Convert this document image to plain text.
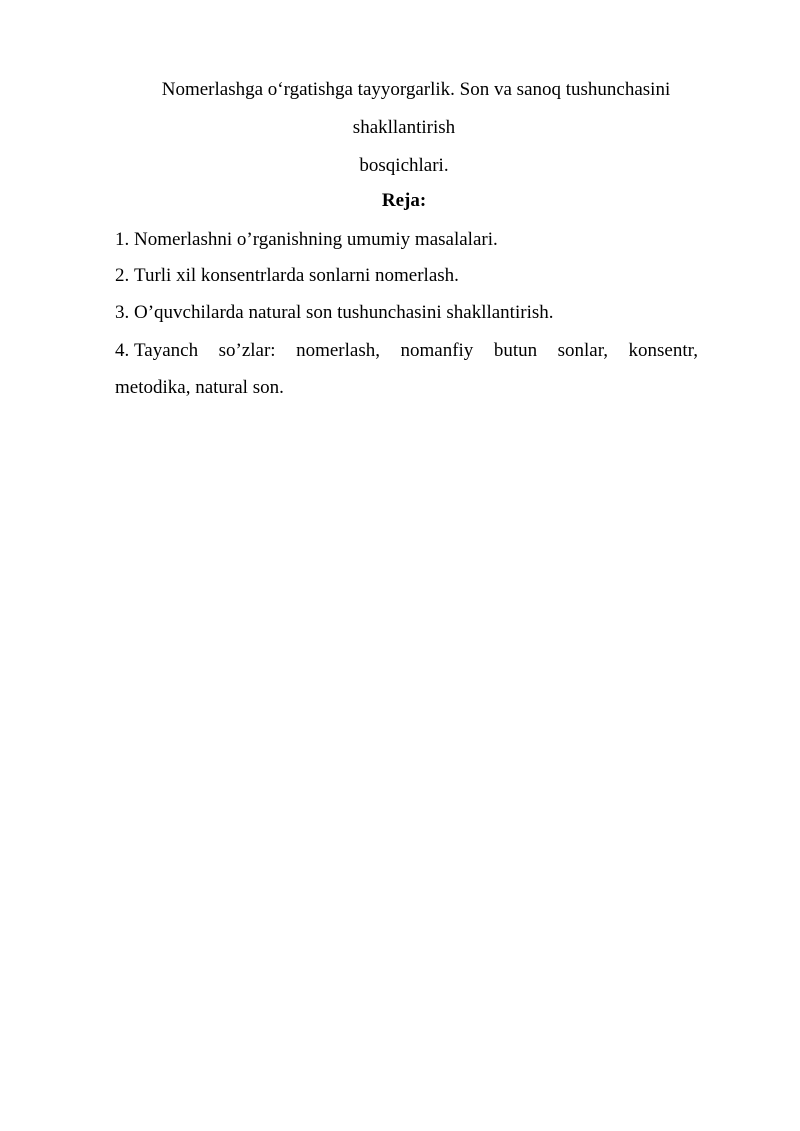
Nomerlashga o‘rgatishga tayyorgarlik. Son va sanoq tushunchasini
shakllantirish
bosqichlari.
Reja:
1. Nomerlashni o’rganishning umumiy masalalari.
2. Turli xil konsentrlarda sonlarni nomerlash.
3. O’quvchilarda natural son tushunchasini shakllantirish.
4. Tayanch so’zlar: nomerlash, nomanfiy butun sonlar, konsentr,
metodika, natural son.
